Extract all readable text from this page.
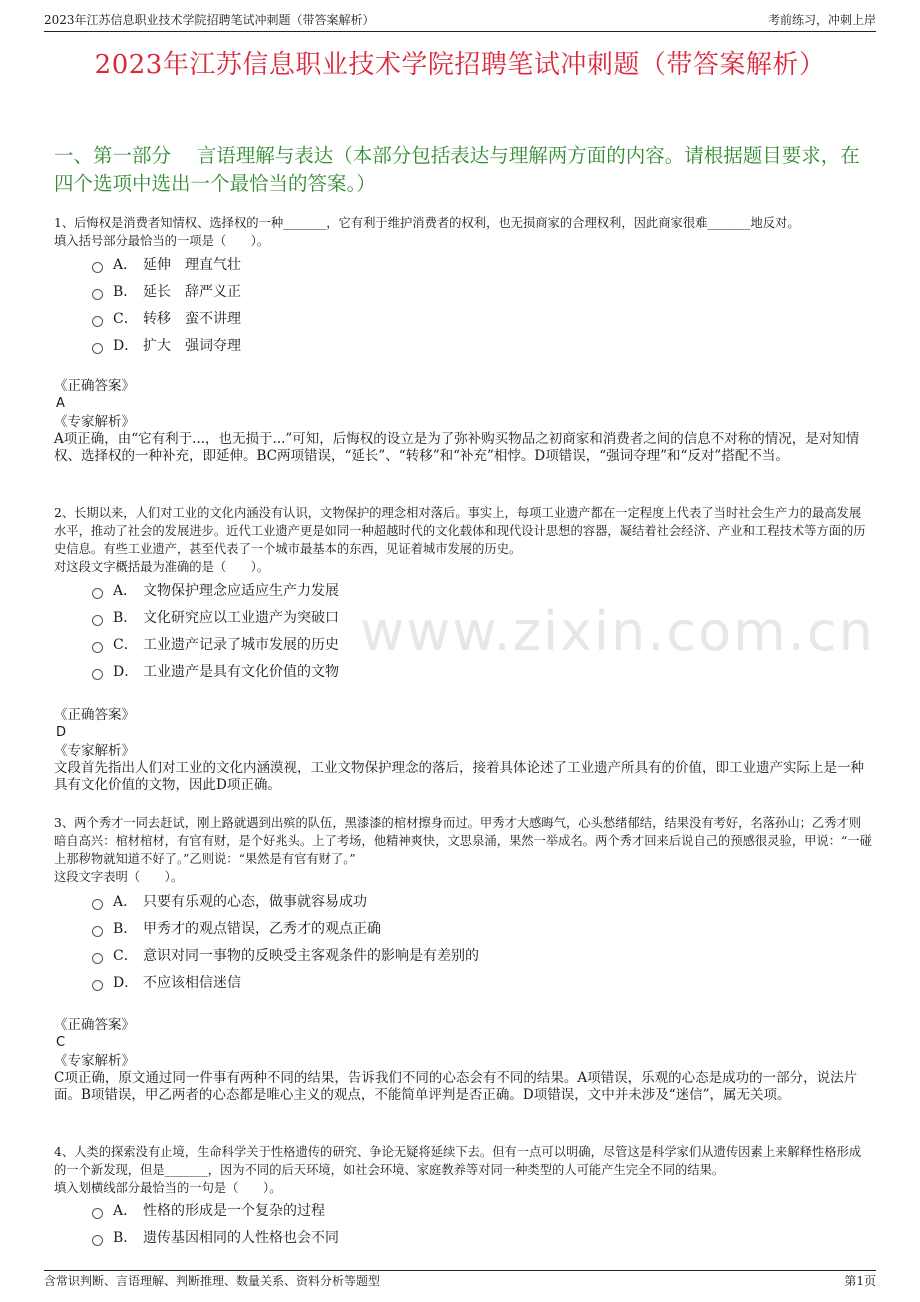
2023年江苏信息职业技术学院招聘笔试冲刺题（带答案解析）	考前练习，冲刺上岸
2023年江苏信息职业技术学院招聘笔试冲刺题（带答案解析）
一、第一部分　 言语理解与表达（本部分包括表达与理解两方面的内容。请根据题目要求，在四个选项中选出一个最恰当的答案。）
www.zixin.com.cn
1、后悔权是消费者知情权、选择权的一种_______，它有利于维护消费者的权利，也无损商家的合理权利，因此商家很难_______地反对。
填入括号部分最恰当的一项是（　　）。
A． 延伸　理直气壮
B． 延长　辞严义正
C． 转移　蛮不讲理
D． 扩大　强词夺理
《正确答案》
A
《专家解析》
A项正确，由“它有利于...，也无损于...”可知，后悔权的设立是为了弥补购买物品之初商家和消费者之间的信息不对称的情况，是对知情权、选择权的一种补充，即延伸。BC两项错误，“延长”、“转移”和“补充”相悖。D项错误，“强词夺理”和“反对”搭配不当。
2、长期以来，人们对工业的文化内涵没有认识，文物保护的理念相对落后。事实上，每项工业遗产都在一定程度上代表了当时社会生产力的最高发展水平，推动了社会的发展进步。近代工业遗产更是如同一种超越时代的文化载体和现代设计思想的容器，凝结着社会经济、产业和工程技术等方面的历史信息。有些工业遗产，甚至代表了一个城市最基本的东西，见证着城市发展的历史。
对这段文字概括最为准确的是（　　）。
A． 文物保护理念应适应生产力发展
B． 文化研究应以工业遗产为突破口
C． 工业遗产记录了城市发展的历史
D． 工业遗产是具有文化价值的文物
《正确答案》
D
《专家解析》
文段首先指出人们对工业的文化内涵漠视，工业文物保护理念的落后，接着具体论述了工业遗产所具有的价值，即工业遗产实际上是一种具有文化价值的文物，因此D项正确。
3、两个秀才一同去赶试，刚上路就遇到出殡的队伍，黑漆漆的棺材擦身而过。甲秀才大感晦气，心头愁绪郁结，结果没有考好，名落孙山；乙秀才则暗自高兴：棺材棺材，有官有财，是个好兆头。上了考场，他精神爽快，文思泉涌，果然一举成名。两个秀才回来后说自己的预感很灵验，甲说：“一碰上那秽物就知道不好了。”乙则说：“果然是有官有财了。”
这段文字表明（　　）。
A． 只要有乐观的心态，做事就容易成功
B． 甲秀才的观点错误，乙秀才的观点正确
C． 意识对同一事物的反映受主客观条件的影响是有差别的
D． 不应该相信迷信
《正确答案》
C
《专家解析》
C项正确，原文通过同一件事有两种不同的结果，告诉我们不同的心态会有不同的结果。A项错误，乐观的心态是成功的一部分，说法片面。B项错误，甲乙两者的心态都是唯心主义的观点，不能简单评判是否正确。D项错误，文中并未涉及“迷信”，属无关项。
4、人类的探索没有止境，生命科学关于性格遗传的研究、争论无疑将延续下去。但有一点可以明确，尽管这是科学家们从遗传因素上来解释性格形成的一个新发现，但是_______，因为不同的后天环境，如社会环境、家庭教养等对同一种类型的人可能产生完全不同的结果。
填入划横线部分最恰当的一句是（　　）。
A． 性格的形成是一个复杂的过程
B． 遗传基因相同的人性格也会不同
含常识判断、言语理解、判断推理、数量关系、资料分析等题型	第1页
